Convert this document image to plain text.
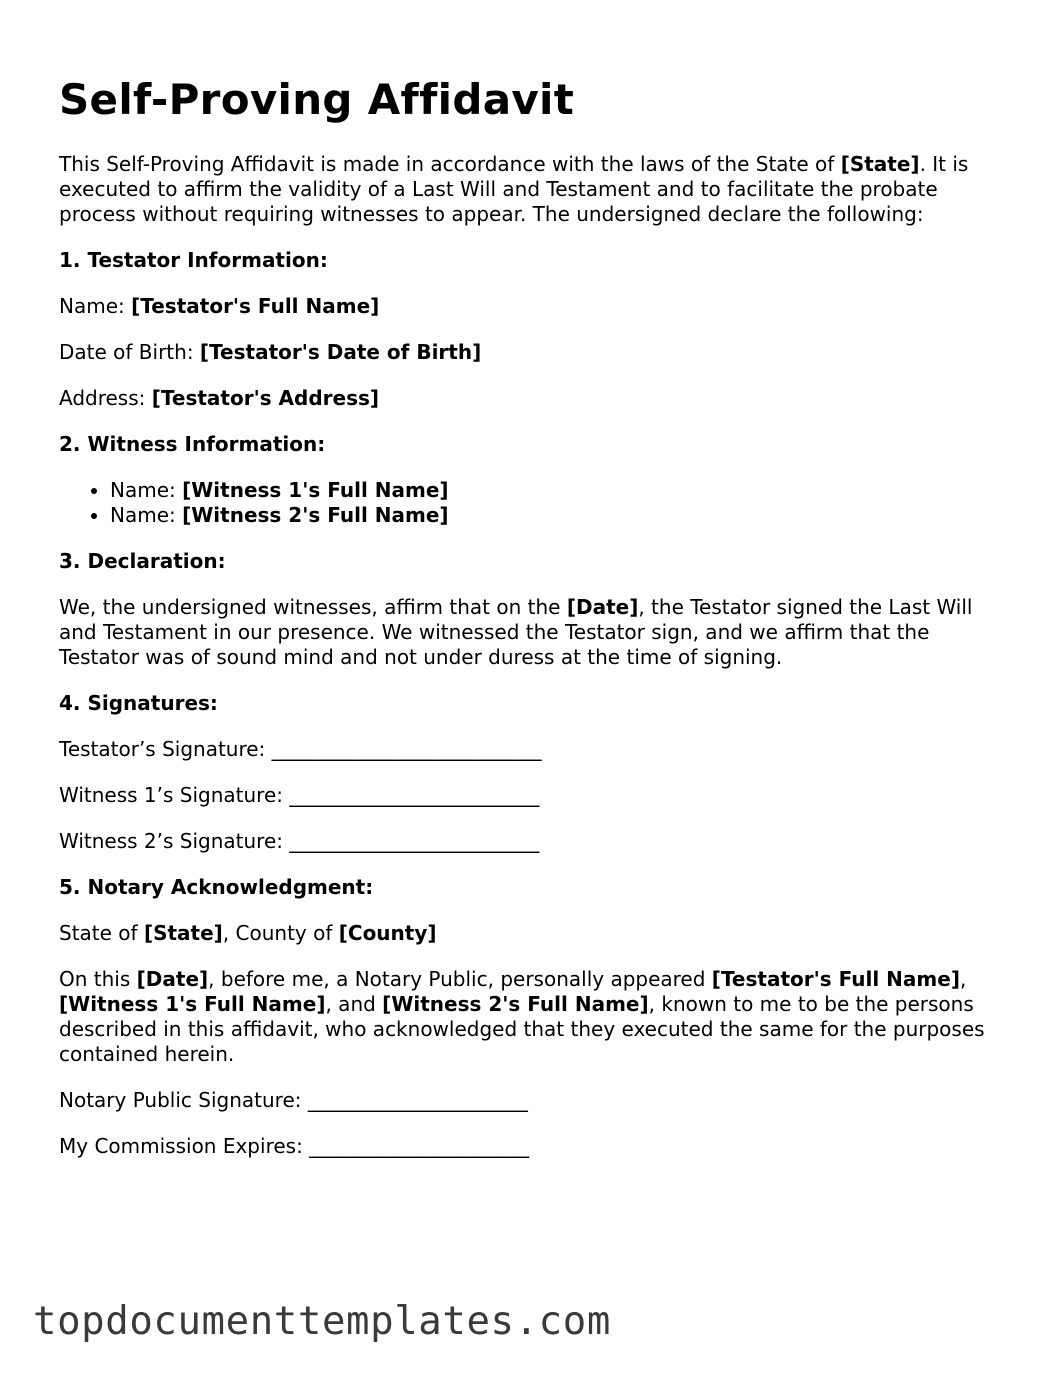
Self-Proving Affidavit

This Self-Proving Affidavit is made in accordance with the laws of the State of [State]. It is executed to affirm the validity of a Last Will and Testament and to facilitate the probate process without requiring witnesses to appear. The undersigned declare the following:

1. Testator Information:

Name: [Testator's Full Name]

Date of Birth: [Testator's Date of Birth]

Address: [Testator's Address]

2. Witness Information:

• Name: [Witness 1's Full Name]
• Name: [Witness 2's Full Name]

3. Declaration:

We, the undersigned witnesses, affirm that on the [Date], the Testator signed the Last Will and Testament in our presence. We witnessed the Testator sign, and we affirm that the Testator was of sound mind and not under duress at the time of signing.

4. Signatures:

Testator’s Signature: ___________________________

Witness 1’s Signature: _________________________

Witness 2’s Signature: _________________________

5. Notary Acknowledgment:

State of [State], County of [County]

On this [Date], before me, a Notary Public, personally appeared [Testator's Full Name], [Witness 1's Full Name], and [Witness 2's Full Name], known to me to be the persons described in this affidavit, who acknowledged that they executed the same for the purposes contained herein.

Notary Public Signature: ______________________

My Commission Expires: ______________________

topdocumenttemplates.com
